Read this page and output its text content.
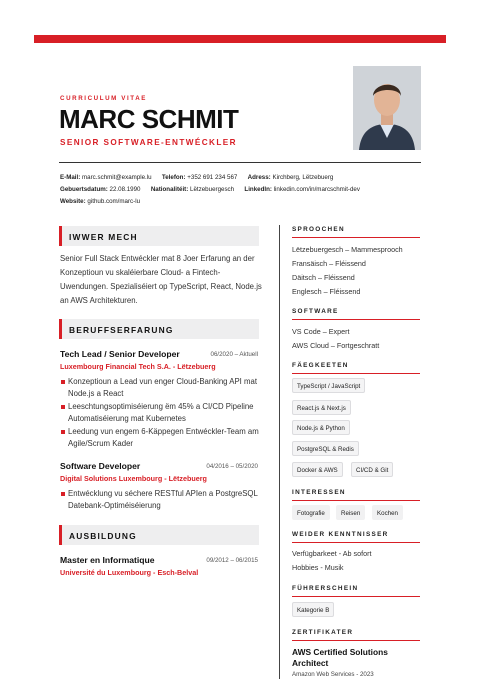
CURRICULUM VITAE
MARC SCHMIT
SENIOR SOFTWARE-ENTWÉCKLER
E-Mail: marc.schmit@example.lu Telefon: +352 691 234 567 Adress: Kirchberg, Lëtzebuerg
Gebuertsdatum: 22.08.1990 Nationalitéit: Lëtzebuergesch LinkedIn: linkedin.com/in/marcschmit-dev
Website: github.com/marc-lu
IWWER MECH
Senior Full Stack Entwéckler mat 8 Joer Erfarung an der Konzeptioun vu skaléierbare Cloud- a Fintech-Uwendungen. Spezialiséiert op TypeScript, React, Node.js an AWS Architekturen.
BERUFFSERFARUNG
Tech Lead / Senior Developer	06/2020 – Aktuell
Luxembourg Financial Tech S.A. - Lëtzebuerg
Konzeptioun a Lead vun enger Cloud-Banking API mat Node.js a React
Leeschtungsoptimiséierung ëm 45% a CI/CD Pipeline Automatiséierung mat Kubernetes
Leedung vun engem 6-Käppegen Entwéckler-Team am Agile/Scrum Kader
Software Developer	04/2016 – 05/2020
Digital Solutions Luxembourg - Lëtzebuerg
Entwécklung vu séchere RESTful APIen a PostgreSQL Datebank-Optiméiséierung
AUSBILDUNG
Master en Informatique	09/2012 – 06/2015
Université du Luxembourg - Esch-Belval
SPROOCHEN
Lëtzebuergesch – Mammesprooch
Fransäisch – Fléissend
Däitsch – Fléissend
Englesch – Fléissend
SOFTWARE
VS Code – Expert
AWS Cloud – Fortgeschratt
FÄEGKEETEN
TypeScript / JavaScript
React.js & Next.js
Node.js & Python
PostgreSQL & Redis
Docker & AWS	CI/CD & Git
INTERESSEN
Fotografie	Reisen	Kochen
WEIDER KENNTNISSER
Verfügbarkeet - Ab sofort
Hobbies - Musik
FÜHRERSCHEIN
Kategorie B
ZERTIFIKATER
AWS Certified Solutions Architect
Amazon Web Services - 2023
